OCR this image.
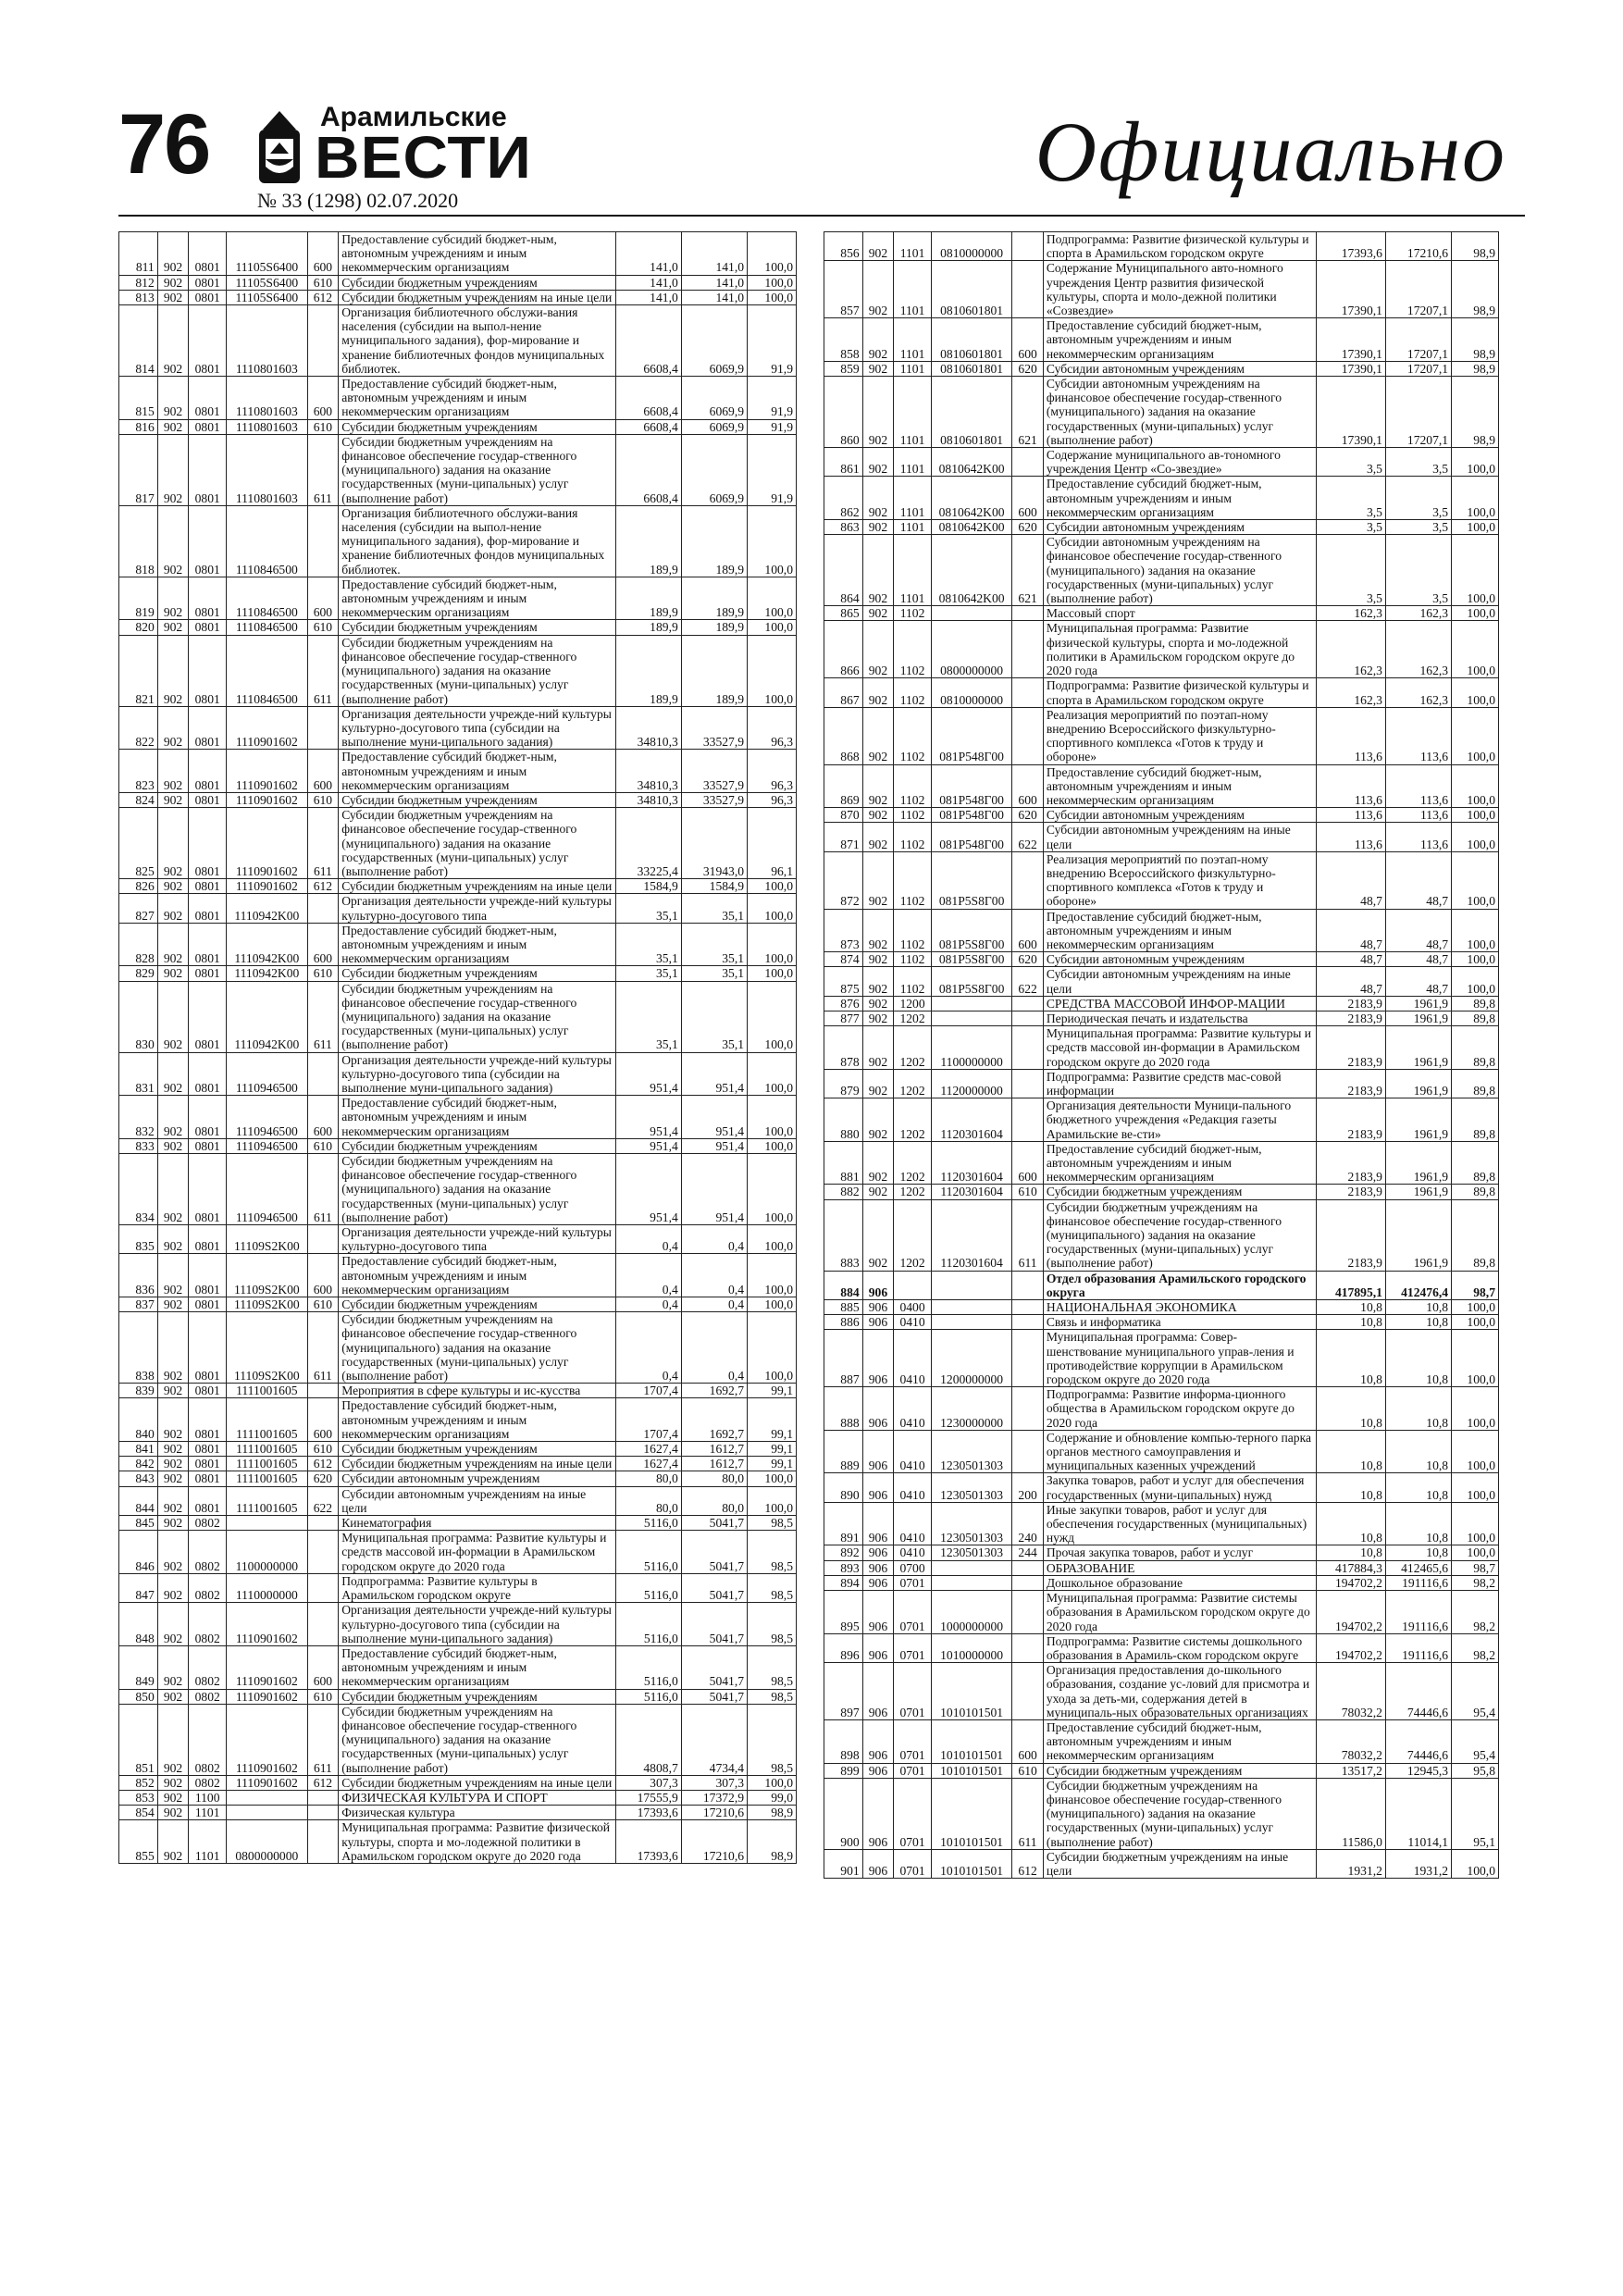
76	Арамильские
ВЕСТИ
№ 33 (1298) 02.07.2020
Официально
811	902	0801	11105S6400	600	Предоставление субсидий бюджет-ным, автономным учреждениям и иным некоммерческим организациям	141,0	141,0	100,0
812	902	0801	11105S6400	610	Субсидии бюджетным учреждениям	141,0	141,0	100,0
813	902	0801	11105S6400	612	Субсидии бюджетным учреждениям на иные цели	141,0	141,0	100,0
814	902	0801	1110801603		Организация библиотечного обслужи-вания населения (субсидии на выпол-нение муниципального задания), фор-мирование и хранение библиотечных фондов муниципальных библиотек.	6608,4	6069,9	91,9
815	902	0801	1110801603	600	Предоставление субсидий бюджет-ным, автономным учреждениям и иным некоммерческим организациям	6608,4	6069,9	91,9
816	902	0801	1110801603	610	Субсидии бюджетным учреждениям	6608,4	6069,9	91,9
817	902	0801	1110801603	611	Субсидии бюджетным учреждениям на финансовое обеспечение государ-ственного (муниципального) задания на оказание государственных (муни-ципальных) услуг (выполнение работ)	6608,4	6069,9	91,9
818	902	0801	1110846500		Организация библиотечного обслужи-вания населения (субсидии на выпол-нение муниципального задания), фор-мирование и хранение библиотечных фондов муниципальных библиотек.	189,9	189,9	100,0
819	902	0801	1110846500	600	Предоставление субсидий бюджет-ным, автономным учреждениям и иным некоммерческим организациям	189,9	189,9	100,0
820	902	0801	1110846500	610	Субсидии бюджетным учреждениям	189,9	189,9	100,0
821	902	0801	1110846500	611	Субсидии бюджетным учреждениям на финансовое обеспечение государ-ственного (муниципального) задания на оказание государственных (муни-ципальных) услуг (выполнение работ)	189,9	189,9	100,0
822	902	0801	1110901602		Организация деятельности учрежде-ний культуры культурно-досугового типа (субсидии на выполнение муни-ципального задания)	34810,3	33527,9	96,3
823	902	0801	1110901602	600	Предоставление субсидий бюджет-ным, автономным учреждениям и иным некоммерческим организациям	34810,3	33527,9	96,3
824	902	0801	1110901602	610	Субсидии бюджетным учреждениям	34810,3	33527,9	96,3
825	902	0801	1110901602	611	Субсидии бюджетным учреждениям на финансовое обеспечение государ-ственного (муниципального) задания на оказание государственных (муни-ципальных) услуг (выполнение работ)	33225,4	31943,0	96,1
826	902	0801	1110901602	612	Субсидии бюджетным учреждениям на иные цели	1584,9	1584,9	100,0
827	902	0801	1110942K00		Организация деятельности учрежде-ний культуры культурно-досугового типа	35,1	35,1	100,0
828	902	0801	1110942K00	600	Предоставление субсидий бюджет-ным, автономным учреждениям и иным некоммерческим организациям	35,1	35,1	100,0
829	902	0801	1110942K00	610	Субсидии бюджетным учреждениям	35,1	35,1	100,0
830	902	0801	1110942K00	611	Субсидии бюджетным учреждениям на финансовое обеспечение государ-ственного (муниципального) задания на оказание государственных (муни-ципальных) услуг (выполнение работ)	35,1	35,1	100,0
831	902	0801	1110946500		Организация деятельности учрежде-ний культуры культурно-досугового типа (субсидии на выполнение муни-ципального задания)	951,4	951,4	100,0
832	902	0801	1110946500	600	Предоставление субсидий бюджет-ным, автономным учреждениям и иным некоммерческим организациям	951,4	951,4	100,0
833	902	0801	1110946500	610	Субсидии бюджетным учреждениям	951,4	951,4	100,0
834	902	0801	1110946500	611	Субсидии бюджетным учреждениям на финансовое обеспечение государ-ственного (муниципального) задания на оказание государственных (муни-ципальных) услуг (выполнение работ)	951,4	951,4	100,0
835	902	0801	11109S2K00		Организация деятельности учрежде-ний культуры культурно-досугового типа	0,4	0,4	100,0
836	902	0801	11109S2K00	600	Предоставление субсидий бюджет-ным, автономным учреждениям и иным некоммерческим организациям	0,4	0,4	100,0
837	902	0801	11109S2K00	610	Субсидии бюджетным учреждениям	0,4	0,4	100,0
838	902	0801	11109S2K00	611	Субсидии бюджетным учреждениям на финансовое обеспечение государ-ственного (муниципального) задания на оказание государственных (муни-ципальных) услуг (выполнение работ)	0,4	0,4	100,0
839	902	0801	1111001605		Мероприятия в сфере культуры и ис-кусства	1707,4	1692,7	99,1
840	902	0801	1111001605	600	Предоставление субсидий бюджет-ным, автономным учреждениям и иным некоммерческим организациям	1707,4	1692,7	99,1
841	902	0801	1111001605	610	Субсидии бюджетным учреждениям	1627,4	1612,7	99,1
842	902	0801	1111001605	612	Субсидии бюджетным учреждениям на иные цели	1627,4	1612,7	99,1
843	902	0801	1111001605	620	Субсидии автономным учреждениям	80,0	80,0	100,0
844	902	0801	1111001605	622	Субсидии автономным учреждениям на иные цели	80,0	80,0	100,0
845	902	0802			Кинематография	5116,0	5041,7	98,5
846	902	0802	1100000000		Муниципальная программа: Развитие культуры и средств массовой ин-формации в Арамильском городском округе до 2020 года	5116,0	5041,7	98,5
847	902	0802	1110000000		Подпрограмма: Развитие культуры в Арамильском городском округе	5116,0	5041,7	98,5
848	902	0802	1110901602		Организация деятельности учрежде-ний культуры культурно-досугового типа (субсидии на выполнение муни-ципального задания)	5116,0	5041,7	98,5
849	902	0802	1110901602	600	Предоставление субсидий бюджет-ным, автономным учреждениям и иным некоммерческим организациям	5116,0	5041,7	98,5
850	902	0802	1110901602	610	Субсидии бюджетным учреждениям	5116,0	5041,7	98,5
851	902	0802	1110901602	611	Субсидии бюджетным учреждениям на финансовое обеспечение государ-ственного (муниципального) задания на оказание государственных (муни-ципальных) услуг (выполнение работ)	4808,7	4734,4	98,5
852	902	0802	1110901602	612	Субсидии бюджетным учреждениям на иные цели	307,3	307,3	100,0
853	902	1100			ФИЗИЧЕСКАЯ КУЛЬТУРА И СПОРТ	17555,9	17372,9	99,0
854	902	1101			Физическая культура	17393,6	17210,6	98,9
855	902	1101	0800000000		Муниципальная программа: Развитие физической культуры, спорта и мо-лодежной политики в Арамильском городском округе до 2020 года	17393,6	17210,6	98,9
856	902	1101	0810000000		Подпрограмма: Развитие физической культуры и спорта в Арамильском городском округе	17393,6	17210,6	98,9
857	902	1101	0810601801		Содержание Муниципального авто-номного учреждения Центр развития физической культуры, спорта и моло-дежной политики «Созвездие»	17390,1	17207,1	98,9
858	902	1101	0810601801	600	Предоставление субсидий бюджет-ным, автономным учреждениям и иным некоммерческим организациям	17390,1	17207,1	98,9
859	902	1101	0810601801	620	Субсидии автономным учреждениям	17390,1	17207,1	98,9
860	902	1101	0810601801	621	Субсидии автономным учреждениям на финансовое обеспечение государ-ственного (муниципального) задания на оказание государственных (муни-ципальных) услуг (выполнение работ)	17390,1	17207,1	98,9
861	902	1101	0810642K00		Содержание муниципального ав-тономного учреждения Центр «Со-звездие»	3,5	3,5	100,0
862	902	1101	0810642K00	600	Предоставление субсидий бюджет-ным, автономным учреждениям и иным некоммерческим организациям	3,5	3,5	100,0
863	902	1101	0810642K00	620	Субсидии автономным учреждениям	3,5	3,5	100,0
864	902	1101	0810642K00	621	Субсидии автономным учреждениям на финансовое обеспечение государ-ственного (муниципального) задания на оказание государственных (муни-ципальных) услуг (выполнение работ)	3,5	3,5	100,0
865	902	1102			Массовый спорт	162,3	162,3	100,0
866	902	1102	0800000000		Муниципальная программа: Развитие физической культуры, спорта и мо-лодежной политики в Арамильском городском округе до 2020 года	162,3	162,3	100,0
867	902	1102	0810000000		Подпрограмма: Развитие физической культуры и спорта в Арамильском городском округе	162,3	162,3	100,0
868	902	1102	081P548Г00		Реализация мероприятий по поэтап-ному внедрению Всероссийского физкультурно-спортивного комплекса «Готов к труду и обороне»	113,6	113,6	100,0
869	902	1102	081P548Г00	600	Предоставление субсидий бюджет-ным, автономным учреждениям и иным некоммерческим организациям	113,6	113,6	100,0
870	902	1102	081P548Г00	620	Субсидии автономным учреждениям	113,6	113,6	100,0
871	902	1102	081P548Г00	622	Субсидии автономным учреждениям на иные цели	113,6	113,6	100,0
872	902	1102	081P5S8Г00		Реализация мероприятий по поэтап-ному внедрению Всероссийского физкультурно-спортивного комплекса «Готов к труду и обороне»	48,7	48,7	100,0
873	902	1102	081P5S8Г00	600	Предоставление субсидий бюджет-ным, автономным учреждениям и иным некоммерческим организациям	48,7	48,7	100,0
874	902	1102	081P5S8Г00	620	Субсидии автономным учреждениям	48,7	48,7	100,0
875	902	1102	081P5S8Г00	622	Субсидии автономным учреждениям на иные цели	48,7	48,7	100,0
876	902	1200			СРЕДСТВА МАССОВОЙ ИНФОР-МАЦИИ	2183,9	1961,9	89,8
877	902	1202			Периодическая печать и издательства	2183,9	1961,9	89,8
878	902	1202	1100000000		Муниципальная программа: Развитие культуры и средств массовой ин-формации в Арамильском городском округе до 2020 года	2183,9	1961,9	89,8
879	902	1202	1120000000		Подпрограмма: Развитие средств мас-совой информации	2183,9	1961,9	89,8
880	902	1202	1120301604		Организация деятельности Муници-пального бюджетного учреждения «Редакция газеты Арамильские ве-сти»	2183,9	1961,9	89,8
881	902	1202	1120301604	600	Предоставление субсидий бюджет-ным, автономным учреждениям и иным некоммерческим организациям	2183,9	1961,9	89,8
882	902	1202	1120301604	610	Субсидии бюджетным учреждениям	2183,9	1961,9	89,8
883	902	1202	1120301604	611	Субсидии бюджетным учреждениям на финансовое обеспечение государ-ственного (муниципального) задания на оказание государственных (муни-ципальных) услуг (выполнение работ)	2183,9	1961,9	89,8
884	906				Отдел образования Арамильского городского округа	417895,1	412476,4	98,7
885	906	0400			НАЦИОНАЛЬНАЯ ЭКОНОМИКА	10,8	10,8	100,0
886	906	0410			Связь и информатика	10,8	10,8	100,0
887	906	0410	1200000000		Муниципальная программа: Совер-шенствование муниципального управ-ления и противодействие коррупции в Арамильском городском округе до 2020 года	10,8	10,8	100,0
888	906	0410	1230000000		Подпрограмма: Развитие информа-ционного общества в Арамильском городском округе до 2020 года	10,8	10,8	100,0
889	906	0410	1230501303		Содержание и обновление компью-терного парка органов местного самоуправления и муниципальных казенных учреждений	10,8	10,8	100,0
890	906	0410	1230501303	200	Закупка товаров, работ и услуг для обеспечения государственных (муни-ципальных) нужд	10,8	10,8	100,0
891	906	0410	1230501303	240	Иные закупки товаров, работ и услуг для обеспечения государственных (муниципальных) нужд	10,8	10,8	100,0
892	906	0410	1230501303	244	Прочая закупка товаров, работ и услуг	10,8	10,8	100,0
893	906	0700			ОБРАЗОВАНИЕ	417884,3	412465,6	98,7
894	906	0701			Дошкольное образование	194702,2	191116,6	98,2
895	906	0701	1000000000		Муниципальная программа: Развитие системы образования в Арамильском городском округе до 2020 года	194702,2	191116,6	98,2
896	906	0701	1010000000		Подпрограмма: Развитие системы дошкольного образования в Арамиль-ском городском округе	194702,2	191116,6	98,2
897	906	0701	1010101501		Организация предоставления до-школьного образования, создание ус-ловий для присмотра и ухода за деть-ми, содержания детей в муниципаль-ных образовательных организациях	78032,2	74446,6	95,4
898	906	0701	1010101501	600	Предоставление субсидий бюджет-ным, автономным учреждениям и иным некоммерческим организациям	78032,2	74446,6	95,4
899	906	0701	1010101501	610	Субсидии бюджетным учреждениям	13517,2	12945,3	95,8
900	906	0701	1010101501	611	Субсидии бюджетным учреждениям на финансовое обеспечение государ-ственного (муниципального) задания на оказание государственных (муни-ципальных) услуг (выполнение работ)	11586,0	11014,1	95,1
901	906	0701	1010101501	612	Субсидии бюджетным учреждениям на иные цели	1931,2	1931,2	100,0
